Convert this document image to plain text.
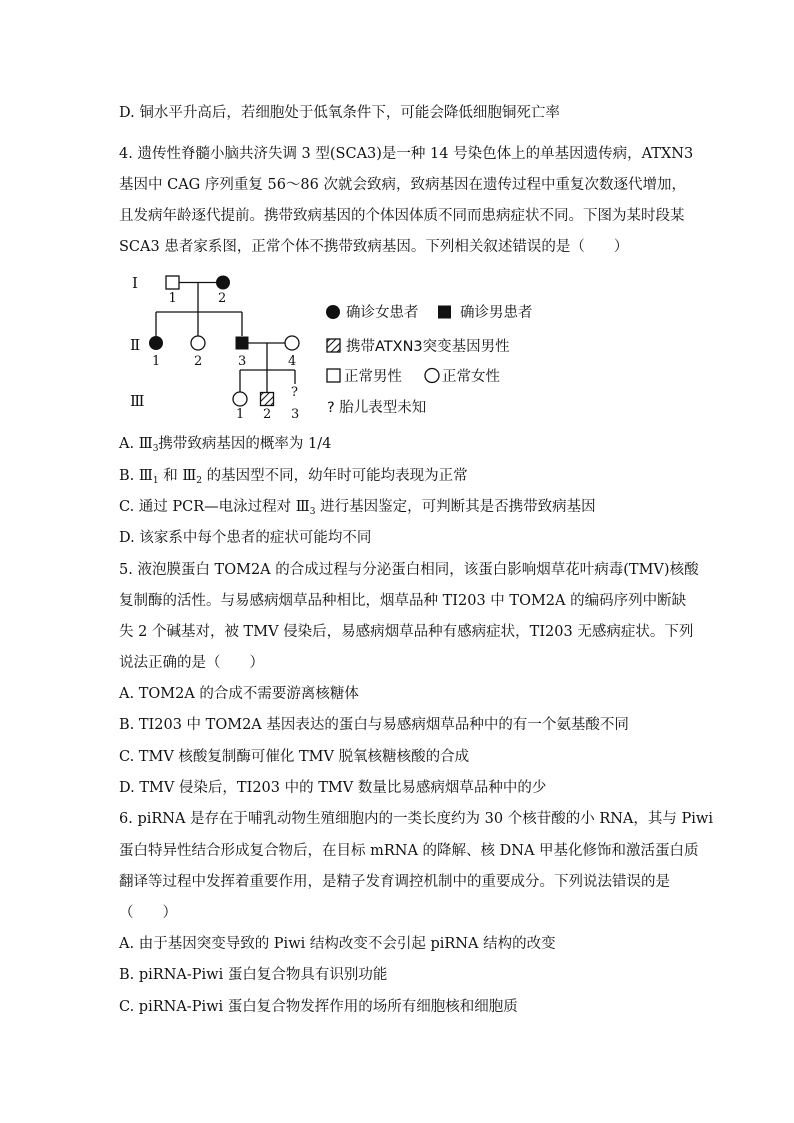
D. 铜水平升高后，若细胞处于低氧条件下，可能会降低细胞铜死亡率
4. 遗传性脊髓小脑共济失调 3 型(SCA3)是一种 14 号染色体上的单基因遗传病，ATXN3
基因中 CAG 序列重复 56～86 次就会致病，致病基因在遗传过程中重复次数逐代增加，
且发病年龄逐代提前。携带致病基因的个体因体质不同而患病症状不同。下图为某时段某
SCA3 患者家系图，正常个体不携带致病基因。下列相关叙述错误的是（　　）
Ⅰ
Ⅱ
Ⅲ
1	2
1	2	3	4
?
1 2 3
确诊女患者	确诊男患者
携带ATXN3突变基因男性
正常男性	正常女性
? 胎儿表型未知
A. $Ⅲ_3$携带致病基因的概率为 1/4
B. $Ⅲ_1$ 和 $Ⅲ_2$ 的基因型不同，幼年时可能均表现为正常
C. 通过 PCR—电泳过程对 $Ⅲ_3$ 进行基因鉴定，可判断其是否携带致病基因
D. 该家系中每个患者的症状可能均不同
5. 液泡膜蛋白 TOM2A 的合成过程与分泌蛋白相同，该蛋白影响烟草花叶病毒(TMV)核酸
复制酶的活性。与易感病烟草品种相比，烟草品种 TI203 中 TOM2A 的编码序列中断缺
失 2 个碱基对，被 TMV 侵染后，易感病烟草品种有感病症状，TI203 无感病症状。下列
说法正确的是（　　）
A. TOM2A 的合成不需要游离核糖体
B. TI203 中 TOM2A 基因表达的蛋白与易感病烟草品种中的有一个氨基酸不同
C. TMV 核酸复制酶可催化 TMV 脱氧核糖核酸的合成
D. TMV 侵染后，TI203 中的 TMV 数量比易感病烟草品种中的少
6. piRNA 是存在于哺乳动物生殖细胞内的一类长度约为 30 个核苷酸的小 RNA，其与 Piwi
蛋白特异性结合形成复合物后，在目标 mRNA 的降解、核 DNA 甲基化修饰和激活蛋白质
翻译等过程中发挥着重要作用，是精子发育调控机制中的重要成分。下列说法错误的是
（　　）
A. 由于基因突变导致的 Piwi 结构改变不会引起 piRNA 结构的改变
B. piRNA-Piwi 蛋白复合物具有识别功能
C. piRNA-Piwi 蛋白复合物发挥作用的场所有细胞核和细胞质
